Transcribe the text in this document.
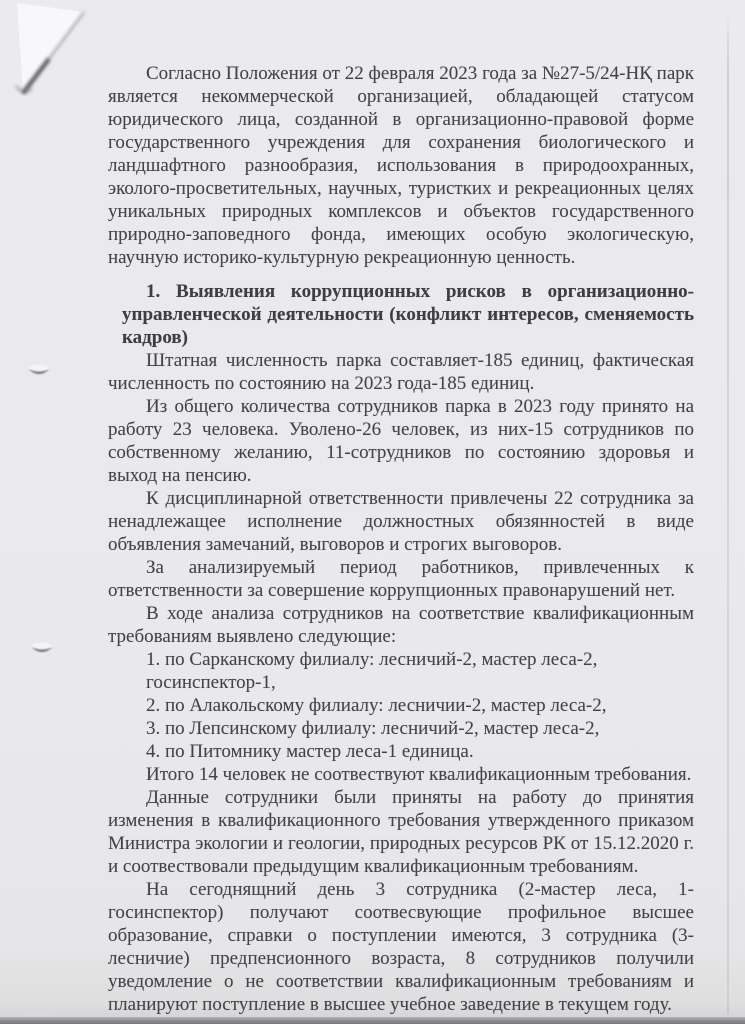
Согласно Положения от 22 февраля 2023 года за №27-5/24-НҚ парк является некоммерческой организацией, обладающей статусом юридического лица, созданной в организационно-правовой форме государственного учреждения для сохранения биологического и ландшафтного разнообразия, использования в природоохранных, эколого-просветительных, научных, туристких и рекреационных целях уникальных природных комплексов и объектов государственного природно-заповедного фонда, имеющих особую экологическую, научную историко-культурную рекреационную ценность.

1. Выявления коррупционных рисков в организационно-управленческой деятельности (конфликт интересов, сменяемость кадров)

Штатная численность парка составляет-185 единиц, фактическая численность по состоянию на 2023 года-185 единиц.

Из общего количества сотрудников парка в 2023 году принято на работу 23 человека. Уволено-26 человек, из них-15 сотрудников по собственному желанию, 11-сотрудников по состоянию здоровья и выход на пенсию.

К дисциплинарной ответственности привлечены 22 сотрудника за ненадлежащее исполнение должностных обязянностей в виде объявления замечаний, выговоров и строгих выговоров.

За анализируемый период работников, привлеченных к ответственности за совершение коррупционных правонарушений нет.

В ходе анализа сотрудников на соответствие квалификационным требованиям выявлено следующие:

1. по Сарканскому филиалу: лесничий-2, мастер леса-2,
госинспектор-1,
2. по Алакольскому филиалу: лесничии-2, мастер леса-2,
3. по Лепсинскому филиалу: лесничий-2, мастер леса-2,
4. по Питомнику мастер леса-1 единица.
Итого 14 человек не соотвествуют квалификационным требования.

Данные сотрудники были приняты на работу до принятия изменения в квалификационного требования утвержденного приказом Министра экологии и геологии, природных ресурсов РК от 15.12.2020 г. и соотвествовали предыдущим квалификационным требованиям.

На сегоднящний день 3 сотрудника (2-мастер леса, 1-госинспектор) получают соотвесвующие профильное высшее образование, справки о поступлении имеются, 3 сотрудника (3-лесничие) предпенсионного возраста, 8 сотрудников получили уведомление о не соответствии квалификационным требованиям и планируют поступление в высшее учебное заведение в текущем году.
